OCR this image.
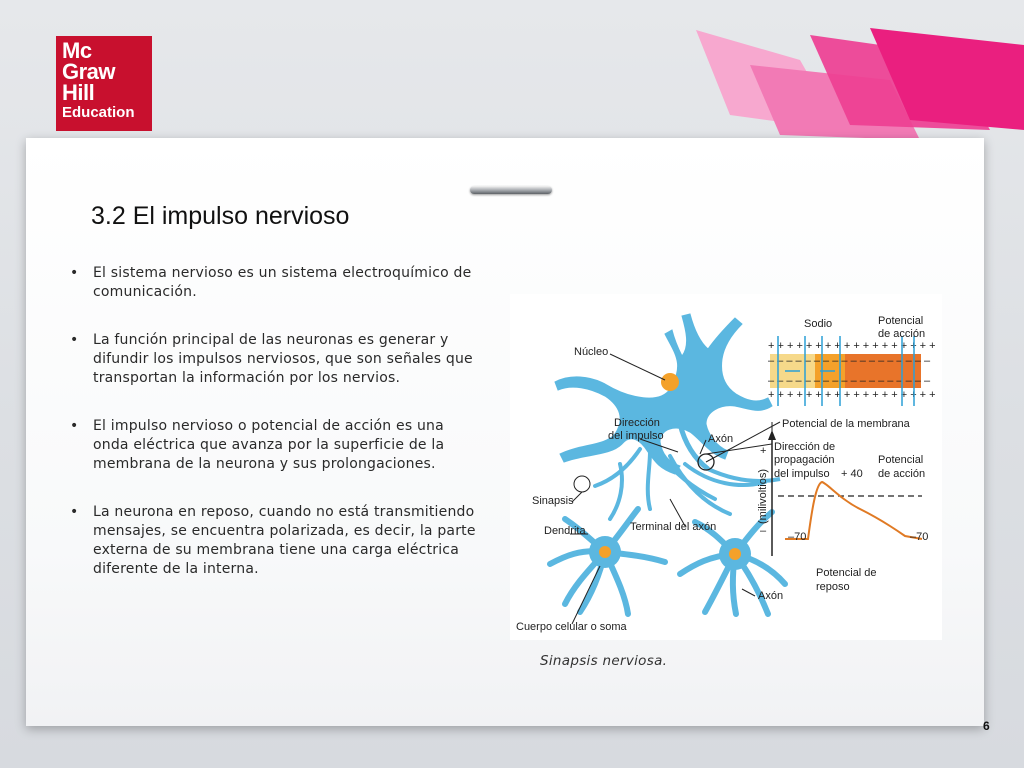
Mc
Graw
Hill
Education
3.2 El impulso nervioso
• El sistema nervioso es un sistema electroquímico de comunicación.
• La función principal de las neuronas es generar y difundir los impulsos nerviosos, que son señales que transportan la información por los nervios.
• El impulso nervioso o potencial de acción es una onda eléctrica que avanza por la superficie de la membrana de la neurona y sus prolongaciones.
• La neurona en reposo, cuando no está transmitiendo mensajes, se encuentra polarizada, es decir, la parte externa de su membrana tiene una carga eléctrica diferente de la interna.
+ + + + + + + + + + + + + + + + + +
– – – – – – – – – – – – – – – – – –
– – – – – – – – – – – – – – – – – –
+ + + + + + + + + + + + + + + + + +
Núcleo
Sodio	Potencial
de acción
Dirección
del impulso	Axón
Potencial de la membrana
Dirección de
propagación
del impulso + 40
Potencial
de acción
Sinapsis
Dendrita	Terminal del axón
(milivoltios)
+
– –70	–70
Potencial de
reposo
Axón
Cuerpo celular o soma
Sinapsis nerviosa.
6
